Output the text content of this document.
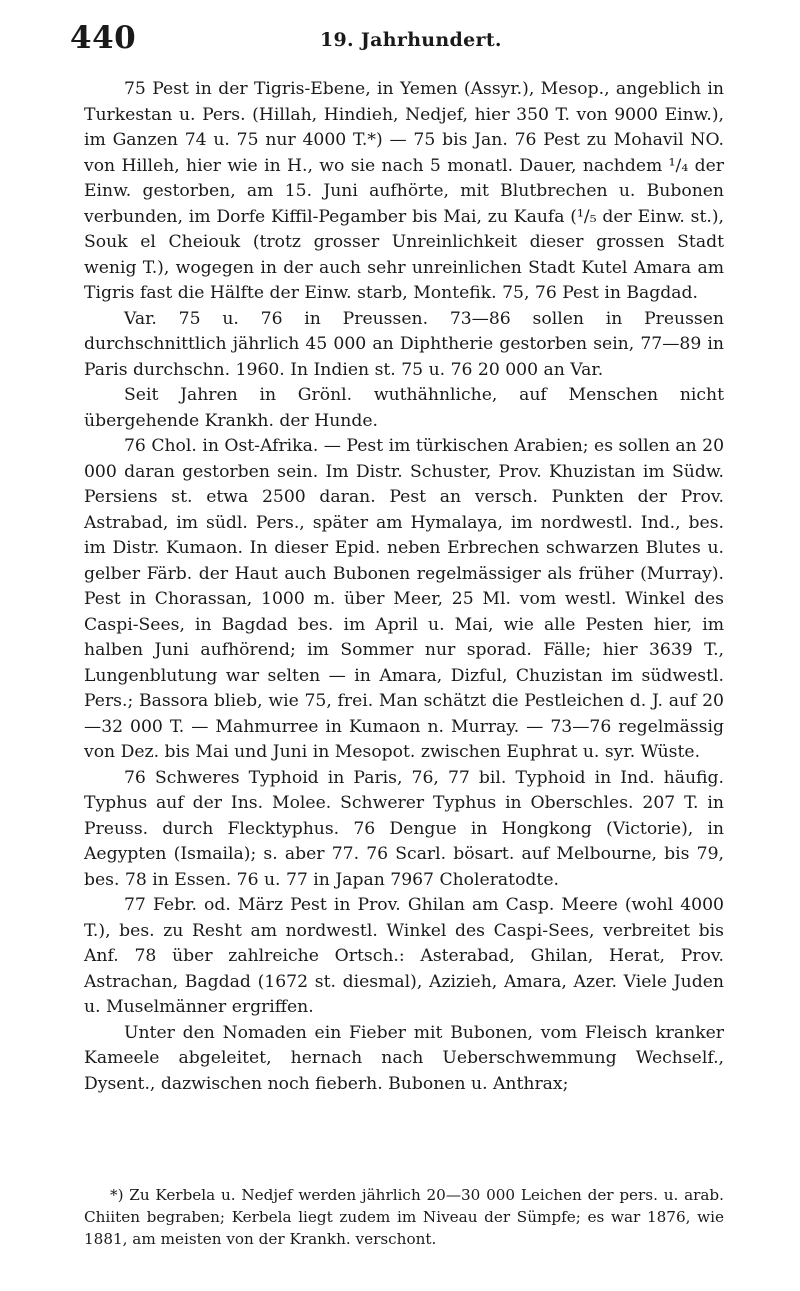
440	19. Jahrhundert.

75 Pest in der Tigris-Ebene, in Yemen (Assyr.), Mesop., angeblich in Turkestan u. Pers. (Hillah, Hindieh, Nedjef, hier 350 T. von 9000 Einw.), im Ganzen 74 u. 75 nur 4000 T.*) — 75 bis Jan. 76 Pest zu Mohavil NO. von Hilleh, hier wie in H., wo sie nach 5 monatl. Dauer, nachdem ¹/₄ der Einw. gestorben, am 15. Juni aufhörte, mit Blutbrechen u. Bubonen verbunden, im Dorfe Kiffil-Pegamber bis Mai, zu Kaufa (¹/₅ der Einw. st.), Souk el Cheiouk (trotz grosser Unreinlichkeit dieser grossen Stadt wenig T.), wogegen in der auch sehr unreinlichen Stadt Kutel Amara am Tigris fast die Hälfte der Einw. starb, Montefik. 75, 76 Pest in Bagdad.

Var. 75 u. 76 in Preussen. 73—86 sollen in Preussen durchschnittlich jährlich 45 000 an Diphtherie gestorben sein, 77—89 in Paris durchschn. 1960. In Indien st. 75 u. 76 20 000 an Var.

Seit Jahren in Grönl. wuthähnliche, auf Menschen nicht übergehende Krankh. der Hunde.

76 Chol. in Ost-Afrika. — Pest im türkischen Arabien; es sollen an 20 000 daran gestorben sein. Im Distr. Schuster, Prov. Khuzistan im Südw. Persiens st. etwa 2500 daran. Pest an versch. Punkten der Prov. Astrabad, im südl. Pers., später am Hymalaya, im nordwestl. Ind., bes. im Distr. Kumaon. In dieser Epid. neben Erbrechen schwarzen Blutes u. gelber Färb. der Haut auch Bubonen regelmässiger als früher (Murray). Pest in Chorassan, 1000 m. über Meer, 25 Ml. vom westl. Winkel des Caspi-Sees, in Bagdad bes. im April u. Mai, wie alle Pesten hier, im halben Juni aufhörend; im Sommer nur sporad. Fälle; hier 3639 T., Lungenblutung war selten — in Amara, Dizful, Chuzistan im südwestl. Pers.; Bassora blieb, wie 75, frei. Man schätzt die Pestleichen d. J. auf 20—32 000 T. — Mahmurree in Kumaon n. Murray. — 73—76 regelmässig von Dez. bis Mai und Juni in Mesopot. zwischen Euphrat u. syr. Wüste.

76 Schweres Typhoid in Paris, 76, 77 bil. Typhoid in Ind. häufig. Typhus auf der Ins. Molee. Schwerer Typhus in Oberschles. 207 T. in Preuss. durch Flecktyphus. 76 Dengue in Hongkong (Victorie), in Aegypten (Ismaila); s. aber 77. 76 Scarl. bösart. auf Melbourne, bis 79, bes. 78 in Essen. 76 u. 77 in Japan 7967 Choleratodte.

77 Febr. od. März Pest in Prov. Ghilan am Casp. Meere (wohl 4000 T.), bes. zu Resht am nordwestl. Winkel des Caspi-Sees, verbreitet bis Anf. 78 über zahlreiche Ortsch.: Asterabad, Ghilan, Herat, Prov. Astrachan, Bagdad (1672 st. diesmal), Azizieh, Amara, Azer. Viele Juden u. Muselmänner ergriffen.

Unter den Nomaden ein Fieber mit Bubonen, vom Fleisch kranker Kameele abgeleitet, hernach nach Ueberschwemmung Wechself., Dysent., dazwischen noch fieberh. Bubonen u. Anthrax;

*) Zu Kerbela u. Nedjef werden jährlich 20—30 000 Leichen der pers. u. arab. Chiiten begraben; Kerbela liegt zudem im Niveau der Sümpfe; es war 1876, wie 1881, am meisten von der Krankh. verschont.
